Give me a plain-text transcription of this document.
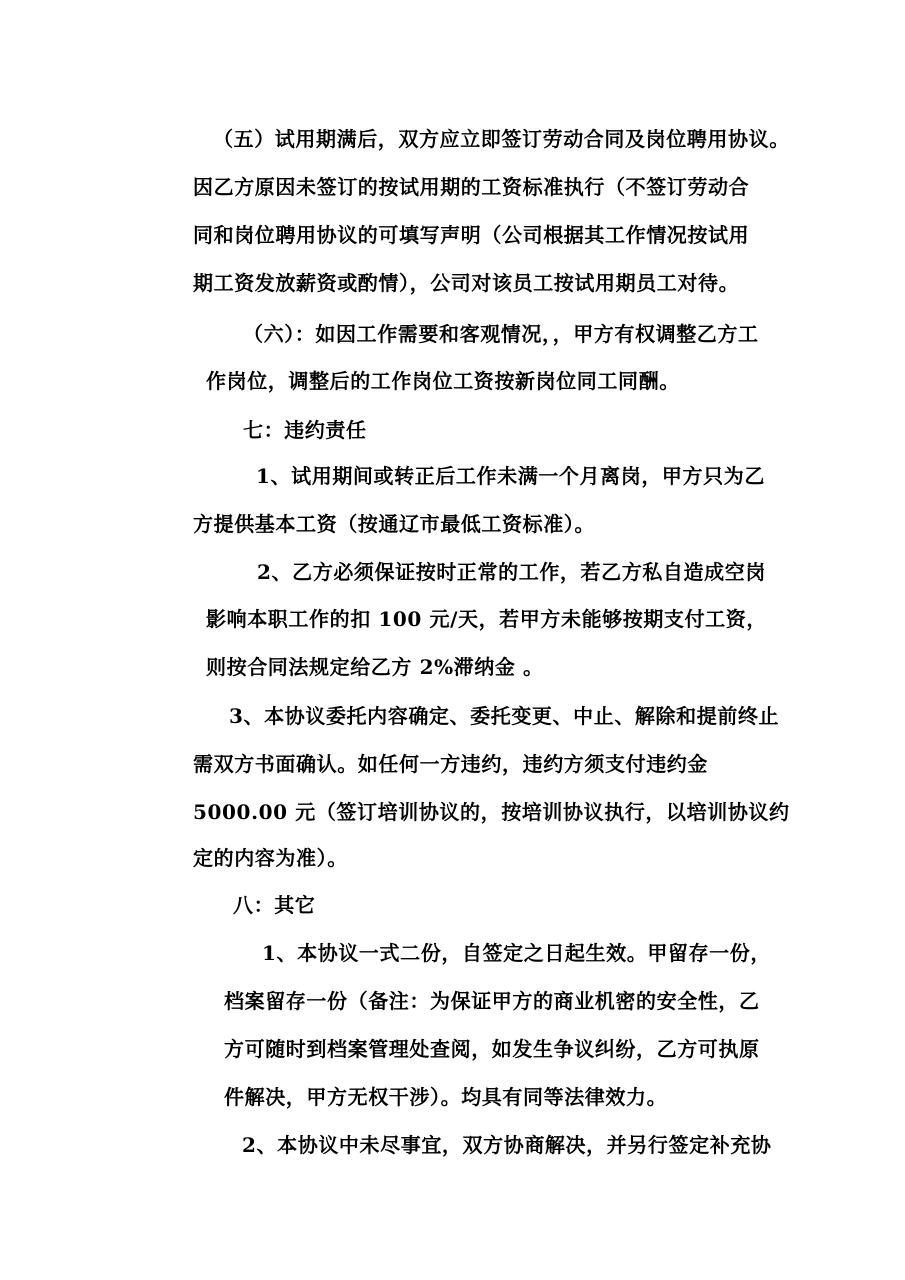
（五）试用期满后，双方应立即签订劳动合同及岗位聘用协议。
因乙方原因未签订的按试用期的工资标准执行（不签订劳动合
同和岗位聘用协议的可填写声明（公司根据其工作情况按试用
期工资发放薪资或酌情），公司对该员工按试用期员工对待。
（六）：如因工作需要和客观情况，，甲方有权调整乙方工
作岗位，调整后的工作岗位工资按新岗位同工同酬。
七：违约责任
1、试用期间或转正后工作未满一个月离岗，甲方只为乙
方提供基本工资（按通辽市最低工资标准）。
2、乙方必须保证按时正常的工作，若乙方私自造成空岗
影响本职工作的扣 100 元/天，若甲方未能够按期支付工资，
则按合同法规定给乙方 2%滞纳金 。
3、本协议委托内容确定、委托变更、中止、解除和提前终止
需双方书面确认。如任何一方违约，违约方须支付违约金
5000.00 元（签订培训协议的，按培训协议执行，以培训协议约
定的内容为准）。
八：其它
1、本协议一式二份，自签定之日起生效。甲留存一份，
档案留存一份（备注：为保证甲方的商业机密的安全性，乙
方可随时到档案管理处查阅，如发生争议纠纷，乙方可执原
件解决，甲方无权干涉）。均具有同等法律效力。
2、本协议中未尽事宜，双方协商解决，并另行签定补充协
